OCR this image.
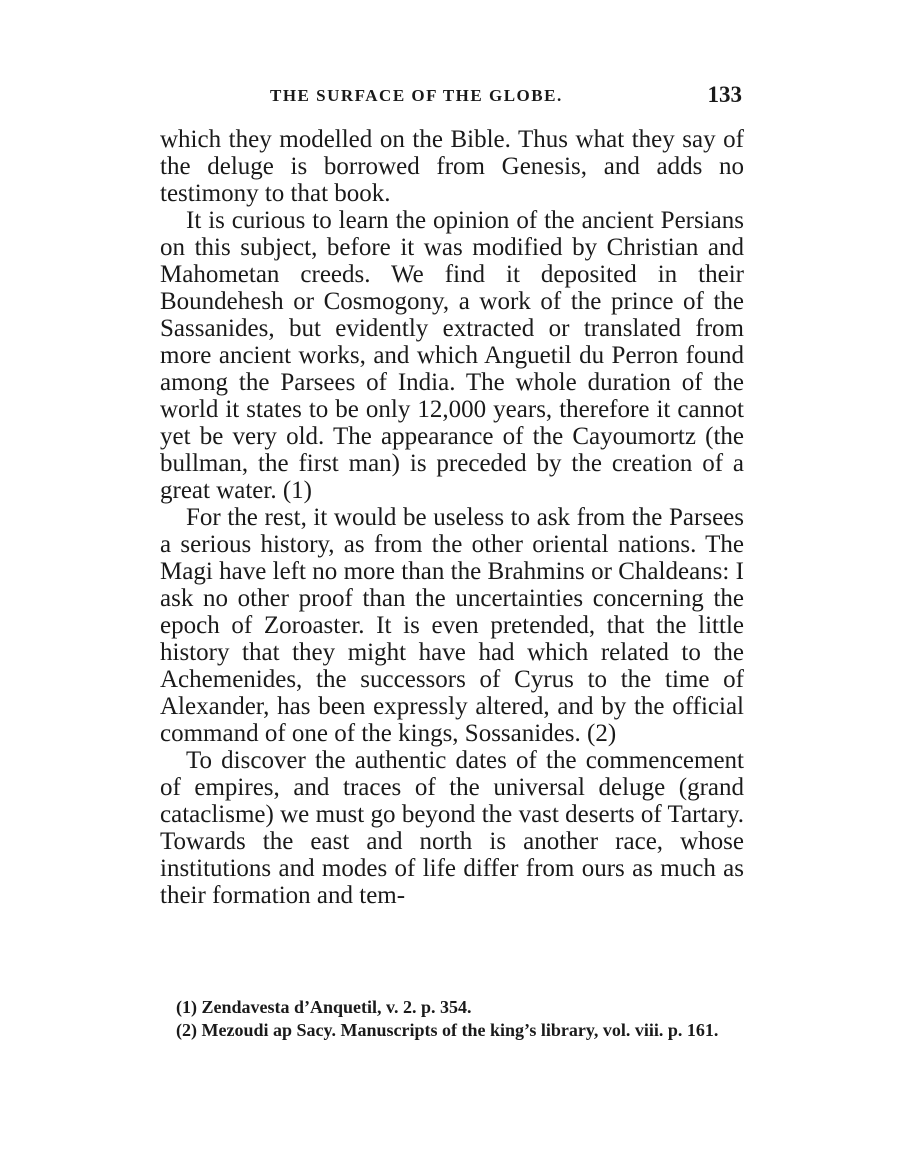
THE SURFACE OF THE GLOBE.	133

which they modelled on the Bible. Thus what they say of the deluge is borrowed from Genesis, and adds no testimony to that book.

It is curious to learn the opinion of the ancient Persians on this subject, before it was modified by Christian and Mahometan creeds. We find it deposited in their Boundehesh or Cosmogony, a work of the prince of the Sassanides, but evidently extracted or translated from more ancient works, and which Anguetil du Perron found among the Parsees of India. The whole duration of the world it states to be only 12,000 years, therefore it cannot yet be very old. The appearance of the Cayoumortz (the bullman, the first man) is preceded by the creation of a great water. (1)

For the rest, it would be useless to ask from the Parsees a serious history, as from the other oriental nations. The Magi have left no more than the Brahmins or Chaldeans: I ask no other proof than the uncertainties concerning the epoch of Zoroaster. It is even pretended, that the little history that they might have had which related to the Achemenides, the successors of Cyrus to the time of Alexander, has been expressly altered, and by the official command of one of the kings, Sossanides. (2)

To discover the authentic dates of the commencement of empires, and traces of the universal deluge (grand cataclisme) we must go beyond the vast deserts of Tartary. Towards the east and north is another race, whose institutions and modes of life differ from ours as much as their formation and tem-

(1) Zendavesta d’Anquetil, v. 2. p. 354.

(2) Mezoudi ap Sacy. Manuscripts of the king’s library, vol. viii. p. 161.
